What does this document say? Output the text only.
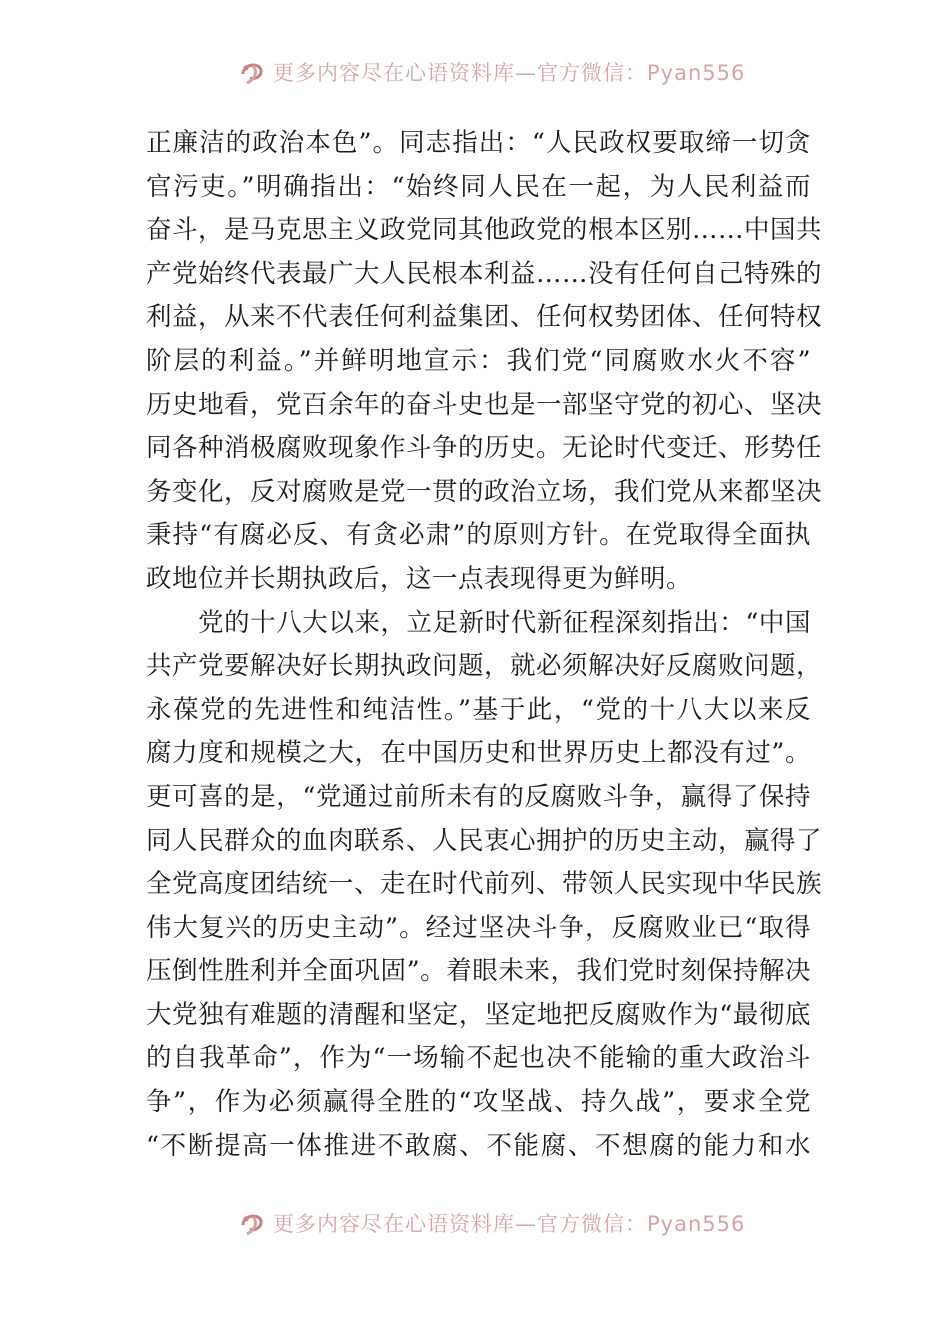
更多内容尽在心语资料库—官方微信：Pyan556
正廉洁的政治本色”。同志指出：“人民政权要取缔一切贪
官污吏。”明确指出：“始终同人民在一起，为人民利益而
奋斗，是马克思主义政党同其他政党的根本区别……中国共
产党始终代表最广大人民根本利益……没有任何自己特殊的
利益，从来不代表任何利益集团、任何权势团体、任何特权
阶层的利益。”并鲜明地宣示：我们党“同腐败水火不容”
历史地看，党百余年的奋斗史也是一部坚守党的初心、坚决
同各种消极腐败现象作斗争的历史。无论时代变迁、形势任
务变化，反对腐败是党一贯的政治立场，我们党从来都坚决
秉持“有腐必反、有贪必肃”的原则方针。在党取得全面执
政地位并长期执政后，这一点表现得更为鲜明。
党的十八大以来，立足新时代新征程深刻指出：“中国
共产党要解决好长期执政问题，就必须解决好反腐败问题，
永葆党的先进性和纯洁性。”基于此，“党的十八大以来反
腐力度和规模之大，在中国历史和世界历史上都没有过”。
更可喜的是，“党通过前所未有的反腐败斗争，赢得了保持
同人民群众的血肉联系、人民衷心拥护的历史主动，赢得了
全党高度团结统一、走在时代前列、带领人民实现中华民族
伟大复兴的历史主动”。经过坚决斗争，反腐败业已“取得
压倒性胜利并全面巩固”。着眼未来，我们党时刻保持解决
大党独有难题的清醒和坚定，坚定地把反腐败作为“最彻底
的自我革命”，作为“一场输不起也决不能输的重大政治斗
争”，作为必须赢得全胜的“攻坚战、持久战”，要求全党
“不断提高一体推进不敢腐、不能腐、不想腐的能力和水
更多内容尽在心语资料库—官方微信：Pyan556
